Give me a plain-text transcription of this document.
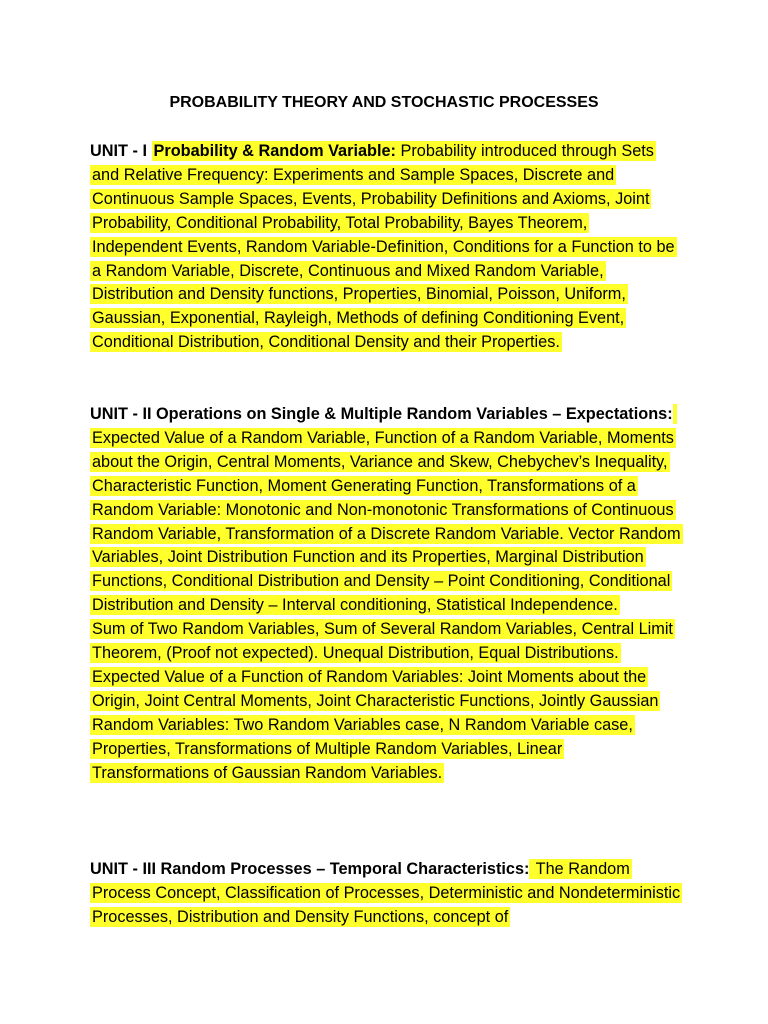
PROBABILITY THEORY AND STOCHASTIC PROCESSES

UNIT - I Probability & Random Variable: Probability introduced through Sets and Relative Frequency: Experiments and Sample Spaces, Discrete and Continuous Sample Spaces, Events, Probability Definitions and Axioms, Joint Probability, Conditional Probability, Total Probability, Bayes Theorem, Independent Events, Random Variable-Definition, Conditions for a Function to be a Random Variable, Discrete, Continuous and Mixed Random Variable, Distribution and Density functions, Properties, Binomial, Poisson, Uniform, Gaussian, Exponential, Rayleigh, Methods of defining Conditioning Event, Conditional Distribution, Conditional Density and their Properties.

UNIT - II Operations on Single & Multiple Random Variables – Expectations: Expected Value of a Random Variable, Function of a Random Variable, Moments about the Origin, Central Moments, Variance and Skew, Chebychev’s Inequality, Characteristic Function, Moment Generating Function, Transformations of a Random Variable: Monotonic and Non-monotonic Transformations of Continuous Random Variable, Transformation of a Discrete Random Variable. Vector Random Variables, Joint Distribution Function and its Properties, Marginal Distribution Functions, Conditional Distribution and Density – Point Conditioning, Conditional Distribution and Density – Interval conditioning, Statistical Independence.

Sum of Two Random Variables, Sum of Several Random Variables, Central Limit Theorem, (Proof not expected). Unequal Distribution, Equal Distributions. Expected Value of a Function of Random Variables: Joint Moments about the Origin, Joint Central Moments, Joint Characteristic Functions, Jointly Gaussian Random Variables: Two Random Variables case, N Random Variable case, Properties, Transformations of Multiple Random Variables, Linear Transformations of Gaussian Random Variables.

UNIT - III Random Processes – Temporal Characteristics: The Random Process Concept, Classification of Processes, Deterministic and Nondeterministic Processes, Distribution and Density Functions, concept of
